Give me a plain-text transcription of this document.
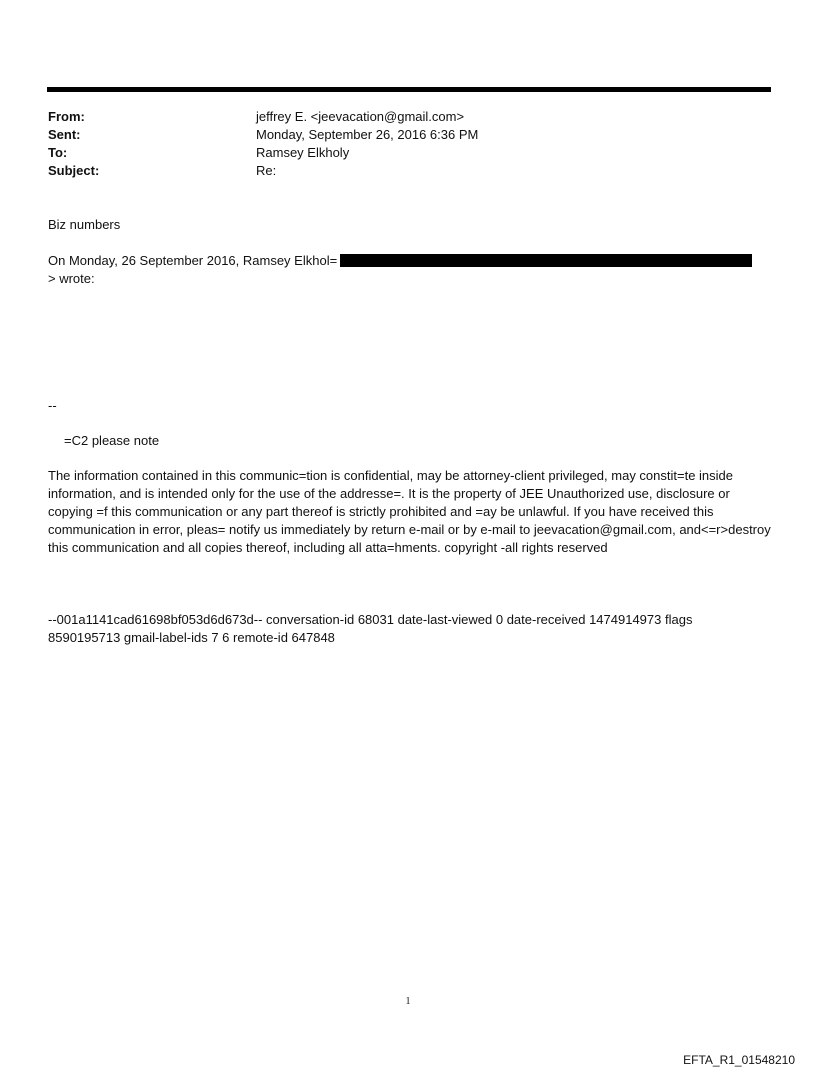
From:	jeffrey E. <jeevacation@gmail.com>
Sent:	Monday, September 26, 2016 6:36 PM
To:	Ramsey Elkholy
Subject:	Re:
Biz numbers
On Monday, 26 September 2016, Ramsey Elkhol=
> wrote:
--
=C2 please note
The information contained in this communic=tion is confidential, may be attorney-client privileged, may constit=te inside information, and is intended only for the use of the addresse=. It is the property of JEE Unauthorized use, disclosure or copying =f this communication or any part thereof is strictly prohibited and =ay be unlawful. If you have received this communication in error, pleas= notify us immediately by return e-mail or by e-mail to jeevacation@gmail.com, and<=r>destroy this communication and all copies thereof, including all atta=hments. copyright -all rights reserved
--001a1141cad61698bf053d6d673d-- conversation-id 68031 date-last-viewed 0 date-received 1474914973 flags 8590195713 gmail-label-ids 7 6 remote-id 647848
1
EFTA_R1_01548210
